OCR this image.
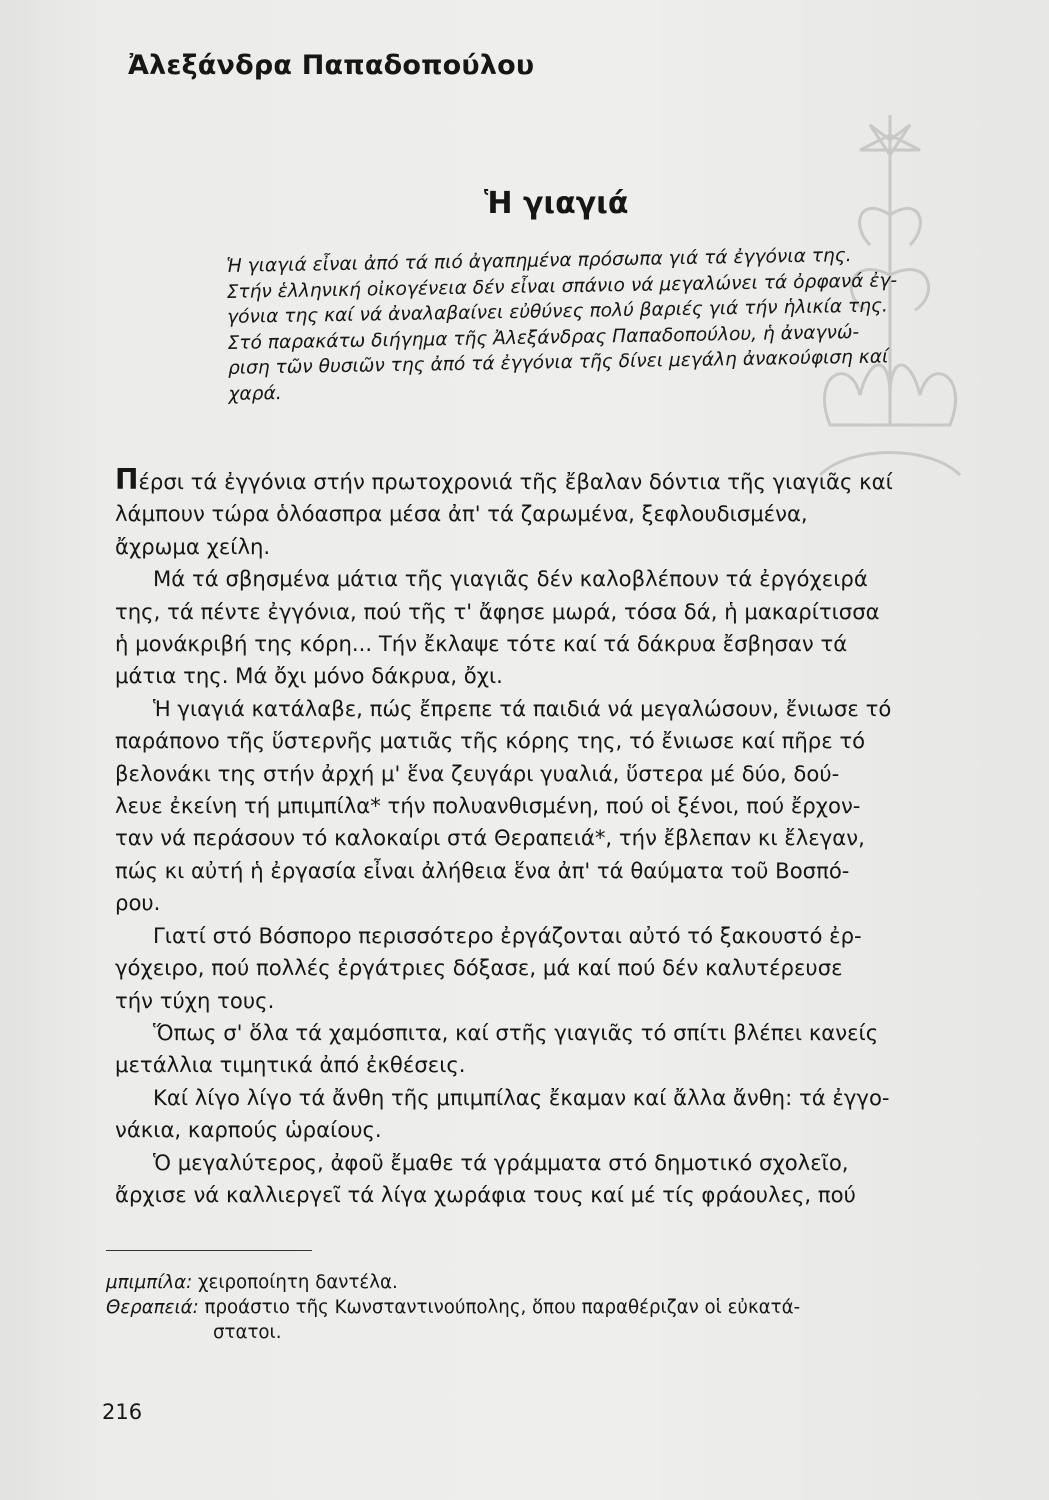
Ἀλεξάνδρα Παπαδοπούλου
Ἡ γιαγιά
Ἡ γιαγιά εἶναι ἀπό τά πιό ἀγαπημένα πρόσωπα γιά τά ἐγγόνια της.
Στήν ἑλληνική οἰκογένεια δέν εἶναι σπάνιο νά μεγαλώνει τά ὀρφανά ἐγ-
γόνια της καί νά ἀναλαβαίνει εὐθύνες πολύ βαριές γιά τήν ἡλικία της.
Στό παρακάτω διήγημα τῆς Ἀλεξάνδρας Παπαδοπούλου, ἡ ἀναγνώ-
ριση τῶν θυσιῶν της ἀπό τά ἐγγόνια τῆς δίνει μεγάλη ἀνακούφιση καί
χαρά.
Πέρσι τά ἐγγόνια στήν πρωτοχρονιά τῆς ἔβαλαν δόντια τῆς γιαγιᾶς καί
λάμπουν τώρα ὁλόασπρα μέσα ἀπ' τά ζαρωμένα, ξεφλουδισμένα,
ἄχρωμα χείλη.
Μά τά σβησμένα μάτια τῆς γιαγιᾶς δέν καλοβλέπουν τά ἐργόχειρά
της, τά πέντε ἐγγόνια, πού τῆς τ' ἄφησε μωρά, τόσα δά, ἡ μακαρίτισσα
ἡ μονάκριβή της κόρη... Τήν ἔκλαψε τότε καί τά δάκρυα ἔσβησαν τά
μάτια της. Μά ὄχι μόνο δάκρυα, ὄχι.
Ἡ γιαγιά κατάλαβε, πώς ἔπρεπε τά παιδιά νά μεγαλώσουν, ἔνιωσε τό
παράπονο τῆς ὕστερνῆς ματιᾶς τῆς κόρης της, τό ἔνιωσε καί πῆρε τό
βελονάκι της στήν ἀρχή μ' ἕνα ζευγάρι γυαλιά, ὕστερα μέ δύο, δού-
λευε ἐκείνη τή μπιμπίλα* τήν πολυανθισμένη, πού οἱ ξένοι, πού ἔρχον-
ταν νά περάσουν τό καλοκαίρι στά Θεραπειά*, τήν ἔβλεπαν κι ἔλεγαν,
πώς κι αὐτή ἡ ἐργασία εἶναι ἀλήθεια ἕνα ἀπ' τά θαύματα τοῦ Βοσπό-
ρου.
Γιατί στό Βόσπορο περισσότερο ἐργάζονται αὐτό τό ξακουστό ἐρ-
γόχειρο, πού πολλές ἐργάτριες δόξασε, μά καί πού δέν καλυτέρευσε
τήν τύχη τους.
Ὅπως σ' ὅλα τά χαμόσπιτα, καί στῆς γιαγιᾶς τό σπίτι βλέπει κανείς
μετάλλια τιμητικά ἀπό ἐκθέσεις.
Καί λίγο λίγο τά ἄνθη τῆς μπιμπίλας ἔκαμαν καί ἄλλα ἄνθη: τά ἐγγο-
νάκια, καρπούς ὡραίους.
Ὁ μεγαλύτερος, ἀφοῦ ἔμαθε τά γράμματα στό δημοτικό σχολεῖο,
ἄρχισε νά καλλιεργεῖ τά λίγα χωράφια τους καί μέ τίς φράουλες, πού
μπιμπίλα: χειροποίητη δαντέλα.
Θεραπειά: προάστιο τῆς Κωνσταντινούπολης, ὅπου παραθέριζαν οἱ εὐκατά-
στατοι.
216
